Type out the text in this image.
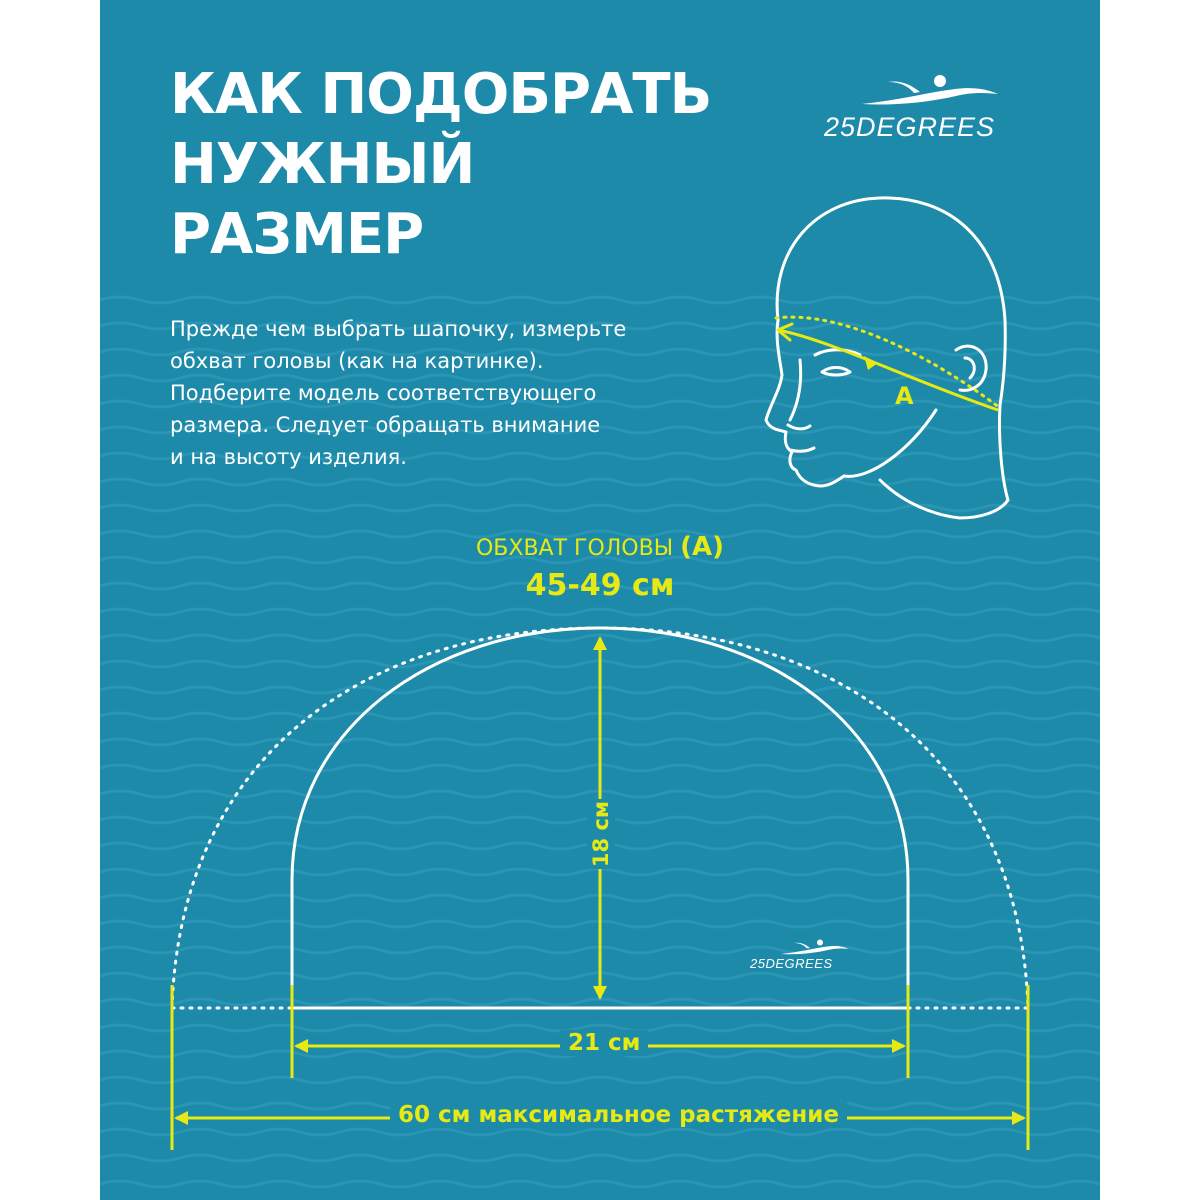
КАК ПОДОБРАТЬ
НУЖНЫЙ
РАЗМЕР
25DEGREES

Прежде чем выбрать шапочку, измерьте
обхват головы (как на картинке).
Подберите модель соответствующего
размера. Следует обращать внимание
и на высоту изделия.

A
ОБХВАТ ГОЛОВЫ (А)
45-49 см
18 см
21 см
60 см максимальное растяжение
25DEGREES
